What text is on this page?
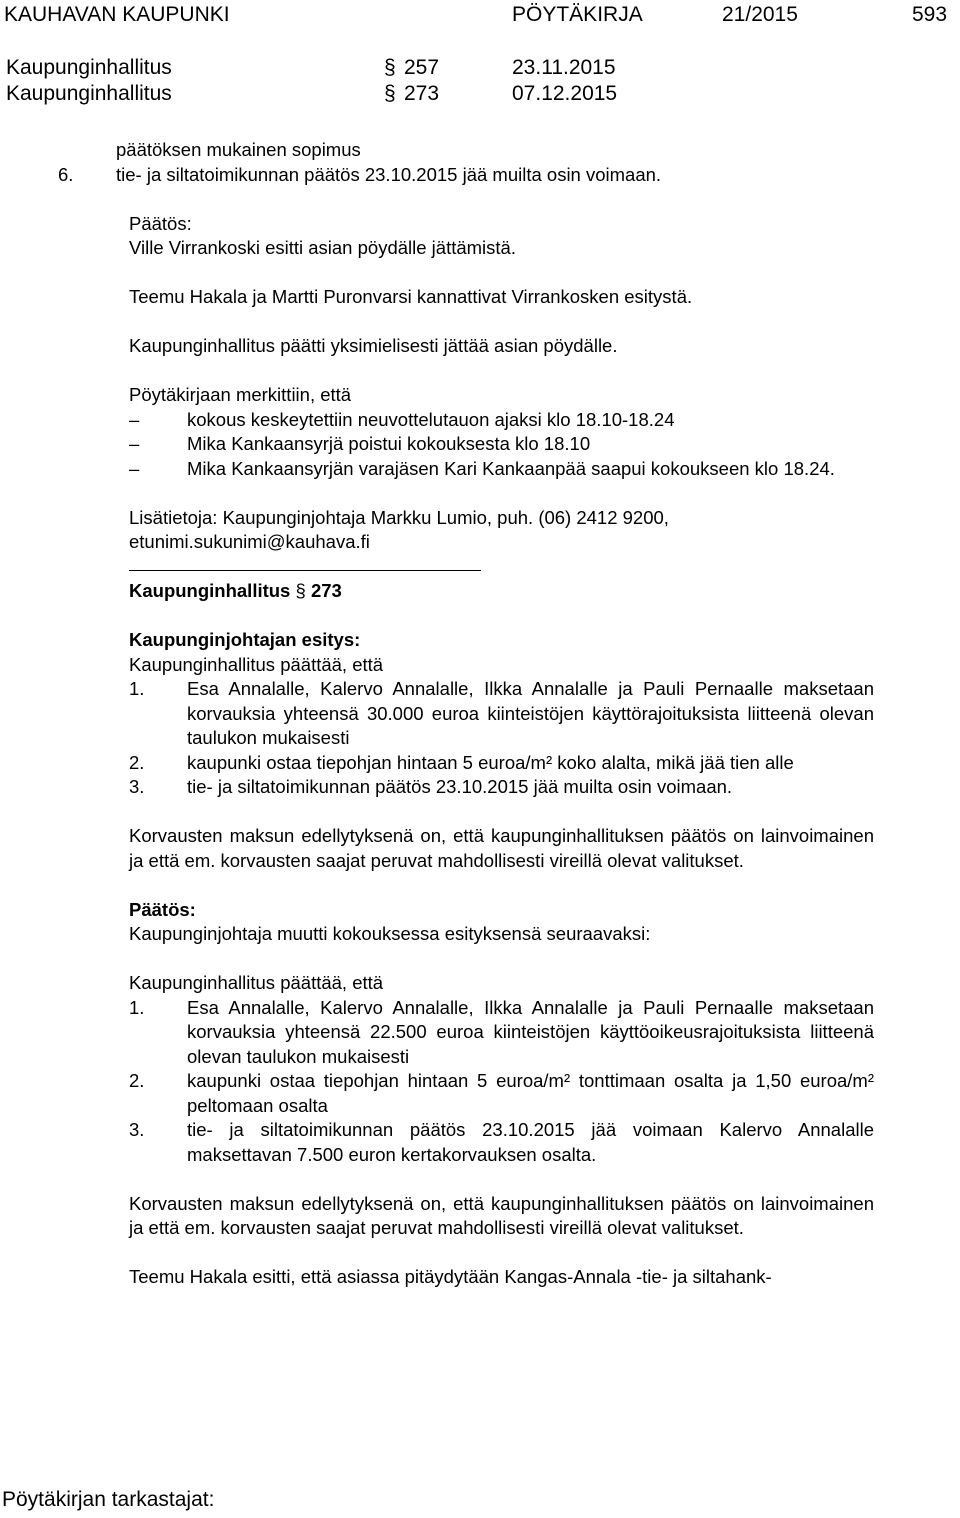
KAUHAVAN KAUPUNKI	PÖYTÄKIRJA	21/2015	593
Kaupunginhallitus	§ 257	23.11.2015
Kaupunginhallitus	§ 273	07.12.2015
päätöksen mukainen sopimus
6.	tie- ja siltatoimikunnan päätös 23.10.2015 jää muilta osin voimaan.
Päätös:
Ville Virrankoski esitti asian pöydälle jättämistä.
Teemu Hakala ja Martti Puronvarsi kannattivat Virrankosken esitystä.
Kaupunginhallitus päätti yksimielisesti jättää asian pöydälle.
Pöytäkirjaan merkittiin, että
–	kokous keskeytettiin neuvottelutauon ajaksi klo 18.10-18.24
–	Mika Kankaansyrjä poistui kokouksesta klo 18.10
–	Mika Kankaansyrjän varajäsen Kari Kankaanpää saapui kokoukseen klo 18.24.
Lisätietoja: Kaupunginjohtaja Markku Lumio, puh. (06) 2412 9200,
etunimi.sukunimi@kauhava.fi
Kaupunginhallitus § 273
Kaupunginjohtajan esitys:
Kaupunginhallitus päättää, että
1.	Esa Annalalle, Kalervo Annalalle, Ilkka Annalalle ja Pauli Pernaalle maksetaan korvauksia yhteensä 30.000 euroa kiinteistöjen käyttörajoituksista liitteenä olevan taulukon mukaisesti
2.	kaupunki ostaa tiepohjan hintaan 5 euroa/m² koko alalta, mikä jää tien alle
3.	tie- ja siltatoimikunnan päätös 23.10.2015 jää muilta osin voimaan.
Korvausten maksun edellytyksenä on, että kaupunginhallituksen päätös on lainvoimainen ja että em. korvausten saajat peruvat mahdollisesti vireillä olevat valitukset.
Päätös:
Kaupunginjohtaja muutti kokouksessa esityksensä seuraavaksi:
Kaupunginhallitus päättää, että
1.	Esa Annalalle, Kalervo Annalalle, Ilkka Annalalle ja Pauli Pernaalle maksetaan korvauksia yhteensä 22.500 euroa kiinteistöjen käyttöoikeusrajoituksista liitteenä olevan taulukon mukaisesti
2.	kaupunki ostaa tiepohjan hintaan 5 euroa/m² tonttimaan osalta ja 1,50 euroa/m² peltomaan osalta
3.	tie- ja siltatoimikunnan päätös 23.10.2015 jää voimaan Kalervo Annalalle maksettavan 7.500 euron kertakorvauksen osalta.
Korvausten maksun edellytyksenä on, että kaupunginhallituksen päätös on lainvoimainen ja että em. korvausten saajat peruvat mahdollisesti vireillä olevat valitukset.
Teemu Hakala esitti, että asiassa pitäydytään Kangas-Annala -tie- ja siltahank-
Pöytäkirjan tarkastajat:
